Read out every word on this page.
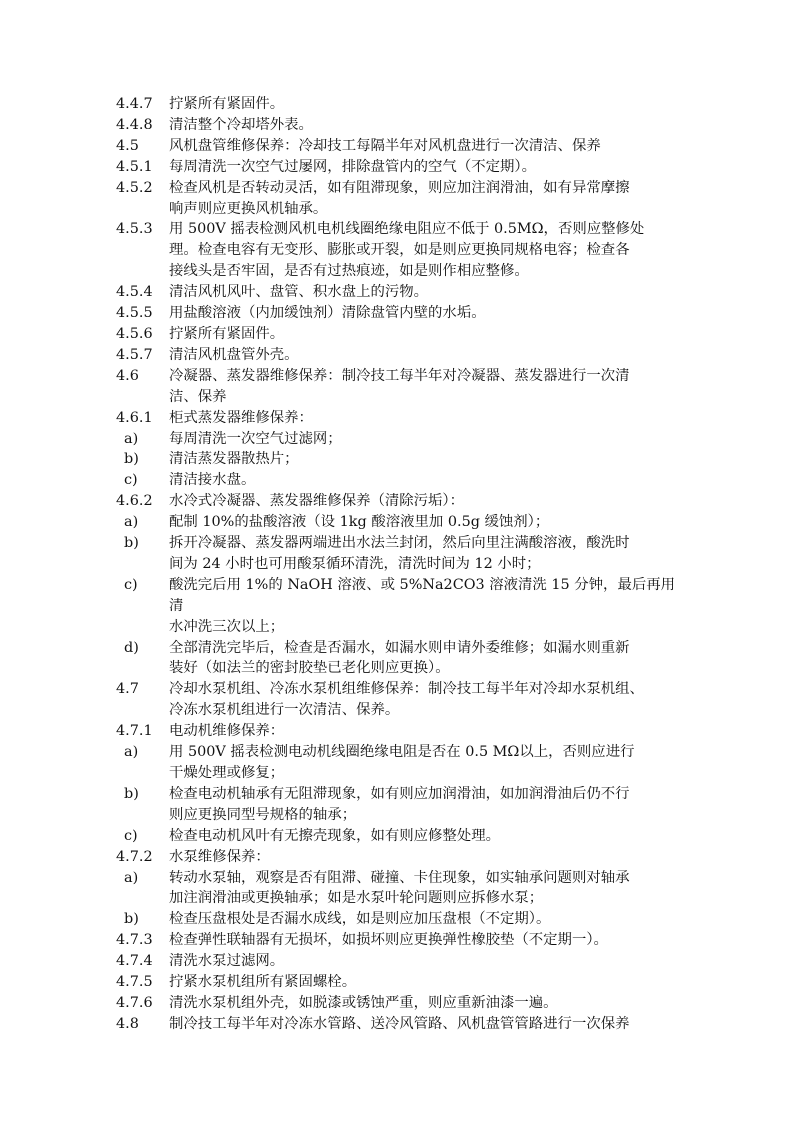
4.4.7 拧紧所有紧固件。
4.4.8 清洁整个冷却塔外表。
4.5 风机盘管维修保养：冷却技工每隔半年对风机盘进行一次清洁、保养
4.5.1 每周清洗一次空气过屡网，排除盘管内的空气（不定期）。
4.5.2 检查风机是否转动灵活，如有阻滞现象，则应加注润滑油，如有异常摩擦
响声则应更换风机轴承。
4.5.3 用 500V 摇表检测风机电机线圈绝缘电阻应不低于 0.5MΩ，否则应整修处
理。检查电容有无变形、膨胀或开裂，如是则应更换同规格电容；检查各
接线头是否牢固，是否有过热痕迹，如是则作相应整修。
4.5.4 清洁风机风叶、盘管、积水盘上的污物。
4.5.5 用盐酸溶液（内加缓蚀剂）清除盘管内壁的水垢。
4.5.6 拧紧所有紧固件。
4.5.7 清洁风机盘管外壳。
4.6 冷凝器、蒸发器维修保养：制冷技工每半年对冷凝器、蒸发器进行一次清
洁、保养
4.6.1 柜式蒸发器维修保养：
a)	每周清洗一次空气过滤网；
b)	清洁蒸发器散热片；
c)	清洁接水盘。
4.6.2 水冷式冷凝器、蒸发器维修保养（清除污垢）：
a)	配制 10%的盐酸溶液（设 1kg 酸溶液里加 0.5g 缓蚀剂）；
b)	拆开冷凝器、蒸发器两端进出水法兰封闭，然后向里注满酸溶液，酸洗时
间为 24 小时也可用酸泵循环清洗，清洗时间为 12 小时；
c)	酸洗完后用 1%的 NaOH 溶液、或 5%Na2CO3 溶液清洗 15 分钟，最后再用清
水冲洗三次以上；
d)	全部清洗完毕后，检查是否漏水，如漏水则申请外委维修；如漏水则重新
装好（如法兰的密封胶垫已老化则应更换）。
4.7 冷却水泵机组、冷冻水泵机组维修保养：制冷技工每半年对冷却水泵机组、
冷冻水泵机组进行一次清洁、保养。
4.7.1 电动机维修保养：
a)	用 500V 摇表检测电动机线圈绝缘电阻是否在 0.5 MΩ以上，否则应进行
干燥处理或修复；
b)	检查电动机轴承有无阻滞现象，如有则应加润滑油，如加润滑油后仍不行
则应更换同型号规格的轴承；
c)	检查电动机风叶有无擦壳现象，如有则应修整处理。
4.7.2 水泵维修保养：
a)	转动水泵轴，观察是否有阻滞、碰撞、卡住现象，如实轴承问题则对轴承
加注润滑油或更换轴承；如是水泵叶轮问题则应拆修水泵；
b)	检查压盘根处是否漏水成线，如是则应加压盘根（不定期）。
4.7.3 检查弹性联轴器有无损坏，如损坏则应更换弹性橡胶垫（不定期一）。
4.7.4 清洗水泵过滤网。
4.7.5 拧紧水泵机组所有紧固螺栓。
4.7.6 清洗水泵机组外壳，如脱漆或锈蚀严重，则应重新油漆一遍。
4.8 制冷技工每半年对冷冻水管路、送冷风管路、风机盘管管路进行一次保养
